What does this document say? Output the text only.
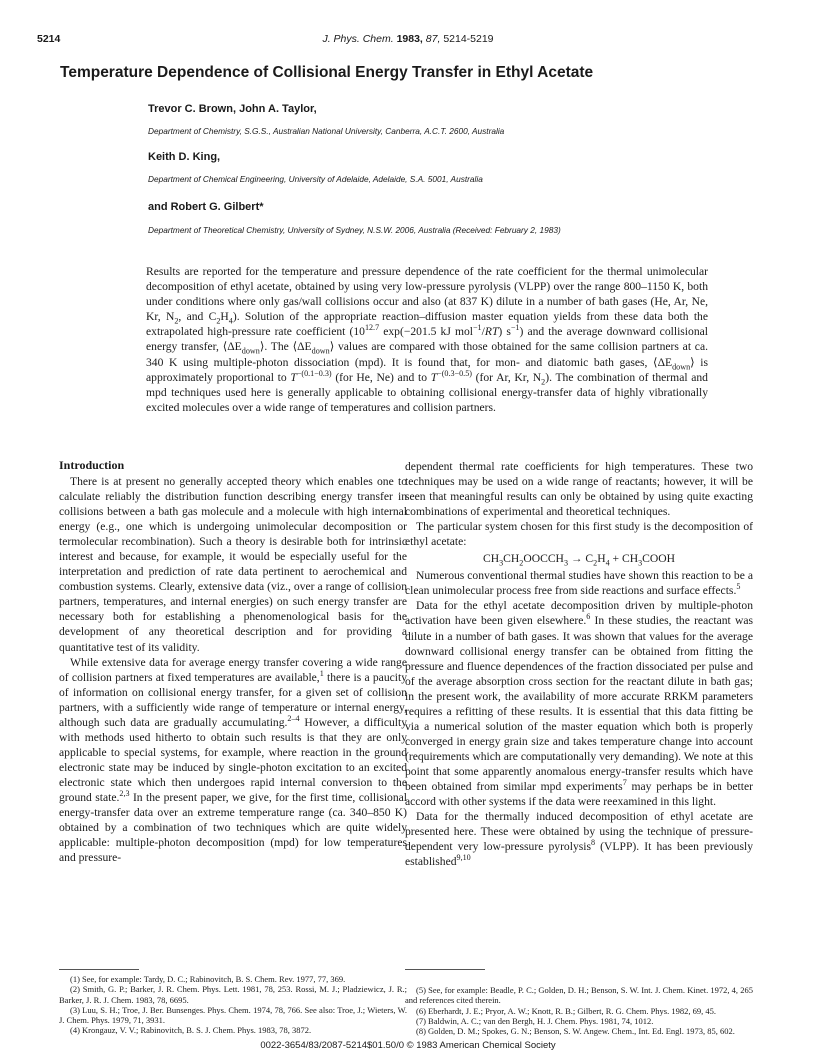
5214	J. Phys. Chem. 1983, 87, 5214-5219
Temperature Dependence of Collisional Energy Transfer in Ethyl Acetate
Trevor C. Brown, John A. Taylor,
Department of Chemistry, S.G.S., Australian National University, Canberra, A.C.T. 2600, Australia
Keith D. King,
Department of Chemical Engineering, University of Adelaide, Adelaide, S.A. 5001, Australia
and Robert G. Gilbert*
Department of Theoretical Chemistry, University of Sydney, N.S.W. 2006, Australia (Received: February 2, 1983)

Results are reported for the temperature and pressure dependence of the rate coefficient for the thermal unimolecular decomposition of ethyl acetate, obtained by using very low-pressure pyrolysis (VLPP) over the range 800–1150 K, both under conditions where only gas/wall collisions occur and also (at 837 K) dilute in a number of bath gases (He, Ar, Ne, Kr, $N_2$, and $C_2H_4$). Solution of the appropriate reaction–diffusion master equation yields from these data both the extrapolated high-pressure rate coefficient ($10^{12.7}$ exp(−201.5 kJ mol$^{-1}$/RT) $s^{-1}$) and the average downward collisional energy transfer, $⟨\Delta E_{down}⟩$. The $⟨\Delta E_{down}⟩$ values are compared with those obtained for the same collision partners at ca. 340 K using multiple-photon dissociation (mpd). It is found that, for mon- and diatomic bath gases, $⟨\Delta E_{down}⟩$ is approximately proportional to $T^{-(0.1-0.3)}$ (for He, Ne) and to $T^{-(0.3-0.5)}$ (for Ar, Kr, $N_2$). The combination of thermal and mpd techniques used here is generally applicable to obtaining collisional energy-transfer data of highly vibrationally excited molecules over a wide range of temperatures and collision partners.

Introduction

There is at present no generally accepted theory which enables one to calculate reliably the distribution function describing energy transfer in collisions between a bath gas molecule and a molecule with high internal energy (e.g., one which is undergoing unimolecular decomposition or termolecular recombination). Such a theory is desirable both for intrinsic interest and because, for example, it would be especially useful for the interpretation and prediction of rate data pertinent to aerochemical and combustion systems. Clearly, extensive data (viz., over a range of collision partners, temperatures, and internal energies) on such energy transfer are necessary both for establishing a phenomenological basis for the development of any theoretical description and for providing a quantitative test of its validity.

While extensive data for average energy transfer covering a wide range of collision partners at fixed temperatures are available,$^1$ there is a paucity of information on collisional energy transfer, for a given set of collision partners, with a sufficiently wide range of temperature or internal energy, although such data are gradually accumulating.$^{2-4}$ However, a difficulty with methods used hitherto to obtain such results is that they are only applicable to special systems, for example, where reaction in the ground electronic state may be induced by single-photon excitation to an excited electronic state which then undergoes rapid internal conversion to the ground state.$^{2,3}$ In the present paper, we give, for the first time, collisional energy-transfer data over an extreme temperature range (ca. 340–850 K) obtained by a combination of two techniques which are quite widely applicable: multiple-photon decomposition (mpd) for low temperatures and pressure-

dependent thermal rate coefficients for high temperatures. These two techniques may be used on a wide range of reactants; however, it will be seen that meaningful results can only be obtained by using quite exacting combinations of experimental and theoretical techniques.

The particular system chosen for this first study is the decomposition of ethyl acetate:

$CH_3CH_2OOCCH_3 \to C_2H_4$ + $CH_3COOH$

Numerous conventional thermal studies have shown this reaction to be a clean unimolecular process free from side reactions and surface effects.$^5$

Data for the ethyl acetate decomposition driven by multiple-photon activation have been given elsewhere.$^6$ In these studies, the reactant was dilute in a number of bath gases. It was shown that values for the average downward collisional energy transfer can be obtained from fitting the pressure and fluence dependences of the fraction dissociated per pulse and of the average absorption cross section for the reactant dilute in bath gas; in the present work, the availability of more accurate RRKM parameters requires a refitting of these results. It is essential that this data fitting be via a numerical solution of the master equation which both is properly converged in energy grain size and takes temperature change into account (requirements which are computationally very demanding). We note at this point that some apparently anomalous energy-transfer results which have been obtained from similar mpd experiments$^7$ may perhaps be in better accord with other systems if the data were reexamined in this light.

Data for the thermally induced decomposition of ethyl acetate are presented here. These were obtained by using the technique of pressure-dependent very low-pressure pyrolysis$^8$ (VLPP). It has been previously established$^{9,10}$

(1) See, for example: Tardy, D. C.; Rabinovitch, B. S. Chem. Rev. 1977, 77, 369.
(2) Smith, G. P.; Barker, J. R. Chem. Phys. Lett. 1981, 78, 253. Rossi, M. J.; Pladziewicz, J. R.; Barker, J. R. J. Chem. 1983, 78, 6695.
(3) Luu, S. H.; Troe, J. Ber. Bunsenges. Phys. Chem. 1974, 78, 766. See also: Troe, J.; Wieters, W. J. Chem. Phys. 1979, 71, 3931.
(4) Krongauz, V. V.; Rabinovitch, B. S. J. Chem. Phys. 1983, 78, 3872.
(5) See, for example: Beadle, P. C.; Golden, D. H.; Benson, S. W. Int. J. Chem. Kinet. 1972, 4, 265 and references cited therein.
(6) Eberhardt, J. E.; Pryor, A. W.; Knott, R. B.; Gilbert, R. G. Chem. Phys. 1982, 69, 45.
(7) Baldwin, A. C.; van den Bergh, H. J. Chem. Phys. 1981, 74, 1012.
(8) Golden, D. M.; Spokes, G. N.; Benson, S. W. Angew. Chem., Int. Ed. Engl. 1973, 85, 602.
0022-3654/83/2087-5214$01.50/0 © 1983 American Chemical Society
